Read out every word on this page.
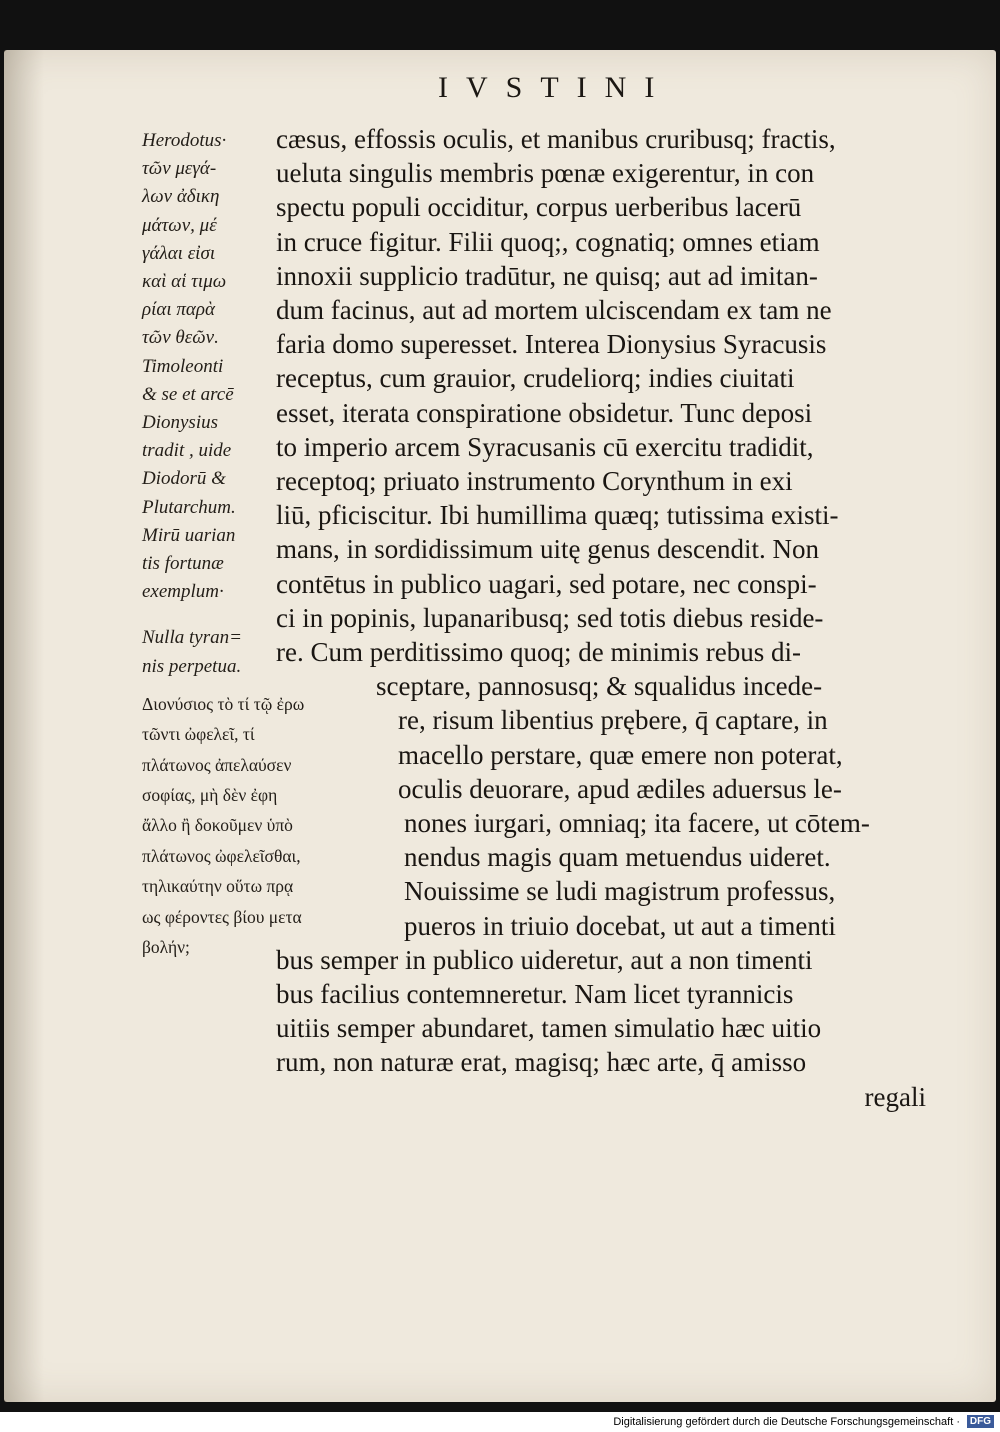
IVSTINI

Herodotus·

τῶν μεγά-

λων ἀδικη

μάτων, μέ

γάλαι εἰσι

καὶ αἱ τιμω

ρίαι παρὰ

τῶν θεῶν.

Timoleonti

& se et arcē

Dionysius

tradit , uide

Diodorū &

Plutarchum.

Mirū uarian

tis fortunæ

exemplum·

Nulla tyran=

nis perpetua.

Διονύσιος τὸ τί τῷ ἐρω

τῶντι ὠφελεῖ, τί

πλάτωνος ἀπελαύσεν

σοφίας, μὴ δὲν ἐφη

ἄλλο ἢ δοκοῦμεν ὑπὸ

πλάτωνος ὠφελεῖσθαι,

τηλικαύτην οὕτω πρᾳ

ως φέροντες βίου μετα

βολήν;

cæsus, effossis oculis, et manibus cruribusq; fractis,

ueluta singulis membris pœnæ exigerentur, in con

spectu populi occiditur, corpus uerberibus lacerū

in cruce figitur. Filii quoq;, cognatiq; omnes etiam

innoxii supplicio tradūtur, ne quisq; aut ad imitan-

dum facinus, aut ad mortem ulciscendam ex tam ne

faria domo superesset. Interea Dionysius Syracusis

receptus, cum grauior, crudeliorq; indies ciuitati

esset, iterata conspiratione obsidetur. Tunc deposi

to imperio arcem Syracusanis cū exercitu tradidit,

receptoq; priuato instrumento Corynthum in exi

liū, pficiscitur. Ibi humillima quæq; tutissima existi-

mans, in sordidissimum uitę genus descendit. Non

contētus in publico uagari, sed potare, nec conspi-

ci in popinis, lupanaribusq; sed totis diebus reside-

re. Cum perditissimo quoq; de minimis rebus di-

sceptare, pannosusq; & squalidus incede-

re, risum libentius prębere, q̄ captare, in

macello perstare, quæ emere non poterat,

oculis deuorare, apud ædiles aduersus le-

nones iurgari, omniaq; ita facere, ut cōtem-

nendus magis quam metuendus uideret.

Nouissime se ludi magistrum professus,

pueros in triuio docebat, ut aut a timenti

bus semper in publico uideretur, aut a non timenti

bus facilius contemneretur. Nam licet tyrannicis

uitiis semper abundaret, tamen simulatio hæc uitio

rum, non naturæ erat, magisq; hæc arte, q̄ amisso

regali

Digitalisierung gefördert durch die Deutsche Forschungsgemeinschaft · DFG
